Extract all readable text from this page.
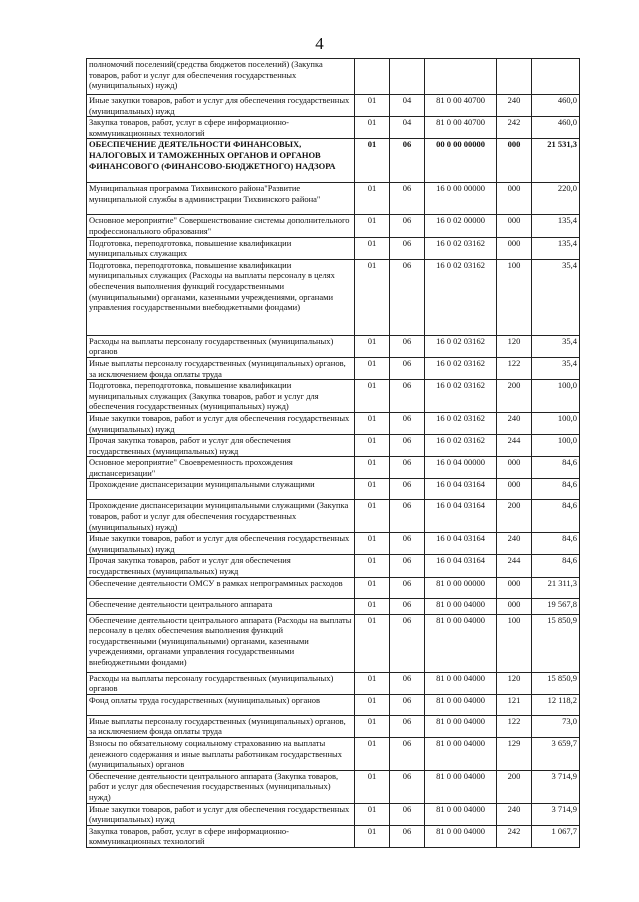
4
полномочий поселений(средства бюджетов поселений) (Закупка товаров, работ и услуг для обеспечения государственных (муниципальных) нужд)					
Иные закупки товаров, работ и услуг для обеспечения государственных (муниципальных) нужд	01	04	81 0 00 40700	240	460,0
Закупка товаров, работ, услуг в сфере информационно-коммуникационных технологий	01	04	81 0 00 40700	242	460,0
ОБЕСПЕЧЕНИЕ ДЕЯТЕЛЬНОСТИ ФИНАНСОВЫХ, НАЛОГОВЫХ И ТАМОЖЕННЫХ ОРГАНОВ И ОРГАНОВ ФИНАНСОВОГО (ФИНАНСОВО-БЮДЖЕТНОГО) НАДЗОРА	01	06	00 0 00 00000	000	21 531,3
Муниципальная программа Тихвинского района"Развитие муниципальной службы в администрации Тихвинского района"	01	06	16 0 00 00000	000	220,0
Основное мероприятие" Совершенствование системы дополнительного профессионального образования"	01	06	16 0 02 00000	000	135,4
Подготовка, переподготовка, повышение квалификации муниципальных служащих	01	06	16 0 02 03162	000	135,4
Подготовка, переподготовка, повышение квалификации муниципальных служащих (Расходы на выплаты персоналу в целях обеспечения выполнения функций государственными (муниципальными) органами, казенными учреждениями, органами управления государственными внебюджетными фондами)	01	06	16 0 02 03162	100	35,4
Расходы на выплаты персоналу государственных (муниципальных) органов	01	06	16 0 02 03162	120	35,4
Иные выплаты персоналу государственных (муниципальных) органов, за исключением фонда оплаты труда	01	06	16 0 02 03162	122	35,4
Подготовка, переподготовка, повышение квалификации муниципальных служащих (Закупка товаров, работ и услуг для обеспечения государственных (муниципальных) нужд)	01	06	16 0 02 03162	200	100,0
Иные закупки товаров, работ и услуг для обеспечения государственных (муниципальных) нужд	01	06	16 0 02 03162	240	100,0
Прочая закупка товаров, работ и услуг для обеспечения государственных (муниципальных) нужд	01	06	16 0 02 03162	244	100,0
Основное мероприятие" Своевременность прохождения диспансеризации"	01	06	16 0 04 00000	000	84,6
Прохождение диспансеризации муниципальными служащими	01	06	16 0 04 03164	000	84,6
Прохождение диспансеризации муниципальными служащими (Закупка товаров, работ и услуг для обеспечения государственных (муниципальных) нужд)	01	06	16 0 04 03164	200	84,6
Иные закупки товаров, работ и услуг для обеспечения государственных (муниципальных) нужд	01	06	16 0 04 03164	240	84,6
Прочая закупка товаров, работ и услуг для обеспечения государственных (муниципальных) нужд	01	06	16 0 04 03164	244	84,6
Обеспечение деятельности ОМСУ в рамках непрограммных расходов	01	06	81 0 00 00000	000	21 311,3
Обеспечение деятельности центрального аппарата	01	06	81 0 00 04000	000	19 567,8
Обеспечение деятельности центрального аппарата (Расходы на выплаты персоналу в целях обеспечения выполнения функций государственными (муниципальными) органами, казенными учреждениями, органами управления государственными внебюджетными фондами)	01	06	81 0 00 04000	100	15 850,9
Расходы на выплаты персоналу государственных (муниципальных) органов	01	06	81 0 00 04000	120	15 850,9
Фонд оплаты труда государственных (муниципальных) органов	01	06	81 0 00 04000	121	12 118,2
Иные выплаты персоналу государственных (муниципальных) органов, за исключением фонда оплаты труда	01	06	81 0 00 04000	122	73,0
Взносы по обязательному социальному страхованию на выплаты денежного содержания и иные выплаты работникам государственных (муниципальных) органов	01	06	81 0 00 04000	129	3 659,7
Обеспечение деятельности центрального аппарата (Закупка товаров, работ и услуг для обеспечения государственных (муниципальных) нужд)	01	06	81 0 00 04000	200	3 714,9
Иные закупки товаров, работ и услуг для обеспечения государственных (муниципальных) нужд	01	06	81 0 00 04000	240	3 714,9
Закупка товаров, работ, услуг в сфере информационно-коммуникационных технологий	01	06	81 0 00 04000	242	1 067,7
